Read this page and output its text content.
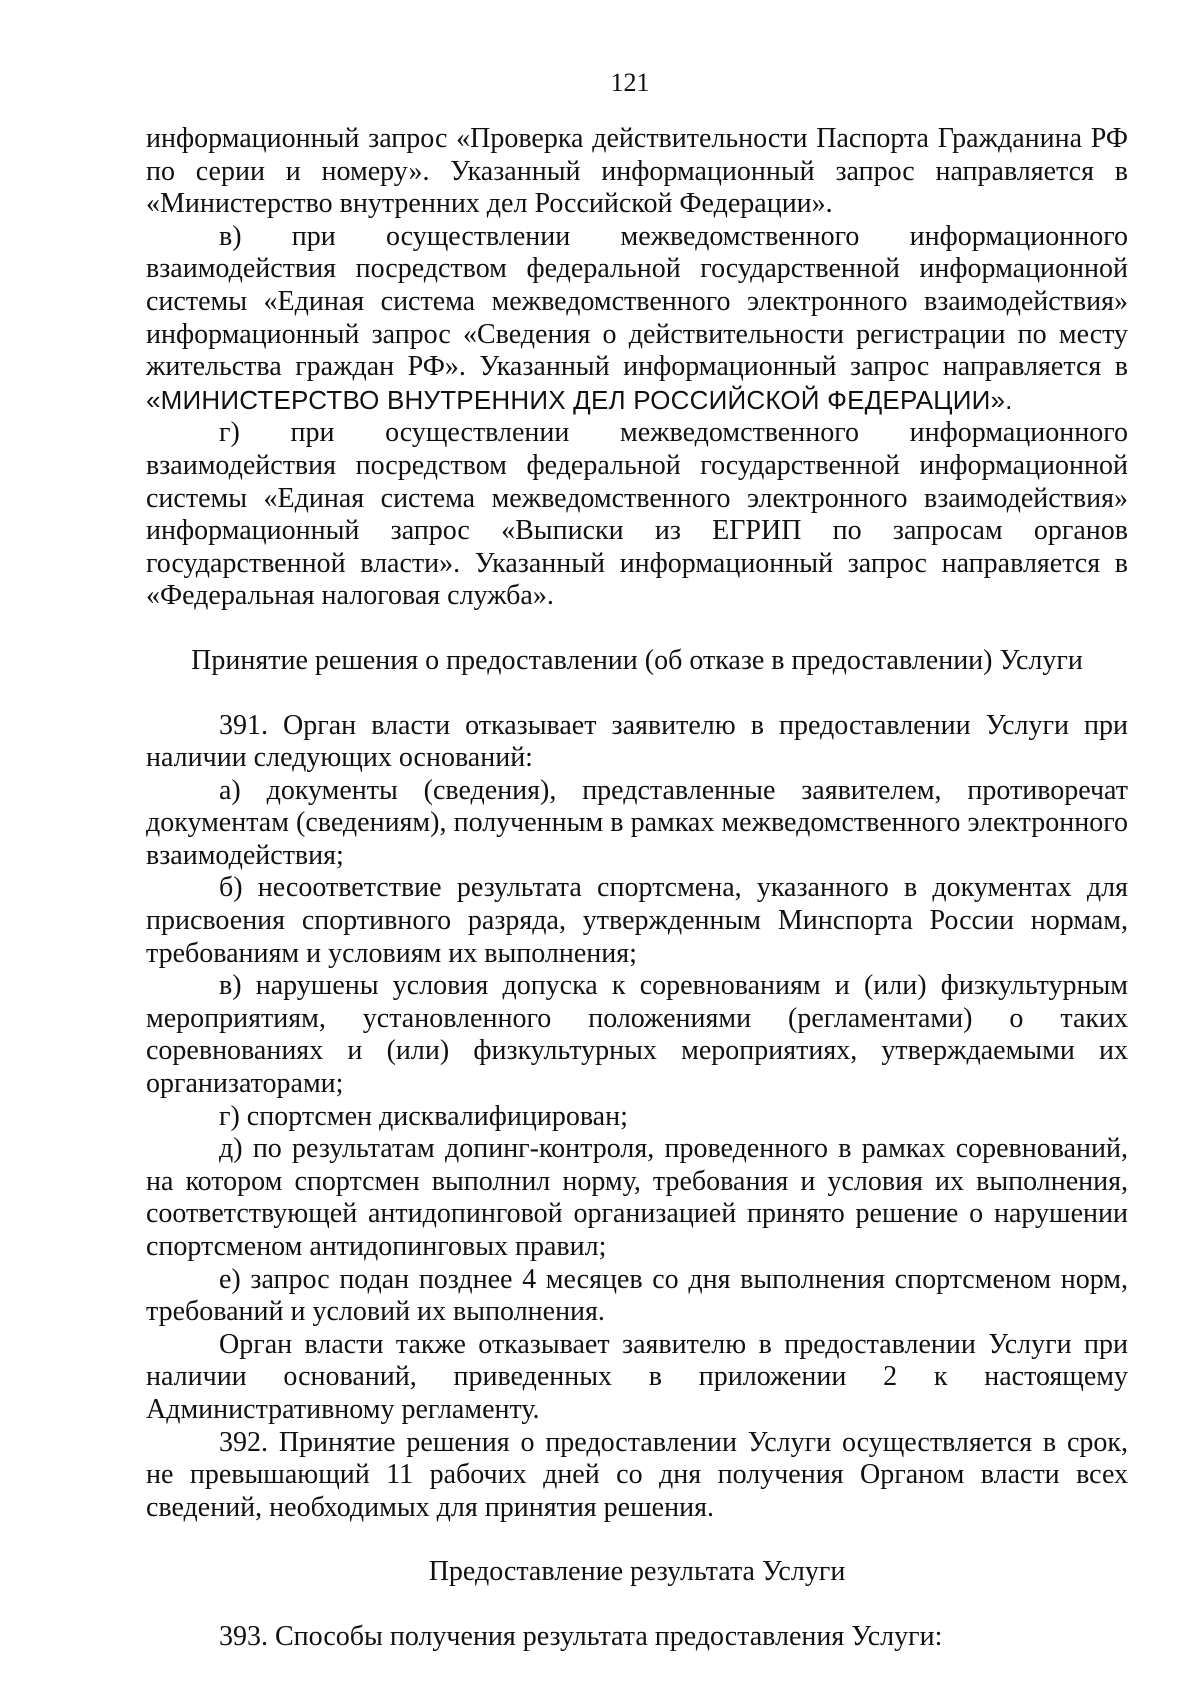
121

информационный запрос «Проверка действительности Паспорта Гражданина РФ по серии и номеру». Указанный информационный запрос направляется в «Министерство внутренних дел Российской Федерации».

в) при осуществлении межведомственного информационного взаимодействия посредством федеральной государственной информационной системы «Единая система межведомственного электронного взаимодействия» информационный запрос «Сведения о действительности регистрации по месту жительства граждан РФ». Указанный информационный запрос направляется в «МИНИСТЕРСТВО ВНУТРЕННИХ ДЕЛ РОССИЙСКОЙ ФЕДЕРАЦИИ».

г) при осуществлении межведомственного информационного взаимодействия посредством федеральной государственной информационной системы «Единая система межведомственного электронного взаимодействия» информационный запрос «Выписки из ЕГРИП по запросам органов государственной власти». Указанный информационный запрос направляется в «Федеральная налоговая служба».

Принятие решения о предоставлении (об отказе в предоставлении) Услуги

391. Орган власти отказывает заявителю в предоставлении Услуги при наличии следующих оснований:

а) документы (сведения), представленные заявителем, противоречат документам (сведениям), полученным в рамках межведомственного электронного взаимодействия;

б) несоответствие результата спортсмена, указанного в документах для присвоения спортивного разряда, утвержденным Минспорта России нормам, требованиям и условиям их выполнения;

в) нарушены условия допуска к соревнованиям и (или) физкультурным мероприятиям, установленного положениями (регламентами) о таких соревнованиях и (или) физкультурных мероприятиях, утверждаемыми их организаторами;

г) спортсмен дисквалифицирован;

д) по результатам допинг-контроля, проведенного в рамках соревнований, на котором спортсмен выполнил норму, требования и условия их выполнения, соответствующей антидопинговой организацией принято решение о нарушении спортсменом антидопинговых правил;

е) запрос подан позднее 4 месяцев со дня выполнения спортсменом норм, требований и условий их выполнения.

Орган власти также отказывает заявителю в предоставлении Услуги при наличии оснований, приведенных в приложении 2 к настоящему Административному регламенту.

392. Принятие решения о предоставлении Услуги осуществляется в срок, не превышающий 11 рабочих дней со дня получения Органом власти всех сведений, необходимых для принятия решения.

Предоставление результата Услуги

393. Способы получения результата предоставления Услуги:
